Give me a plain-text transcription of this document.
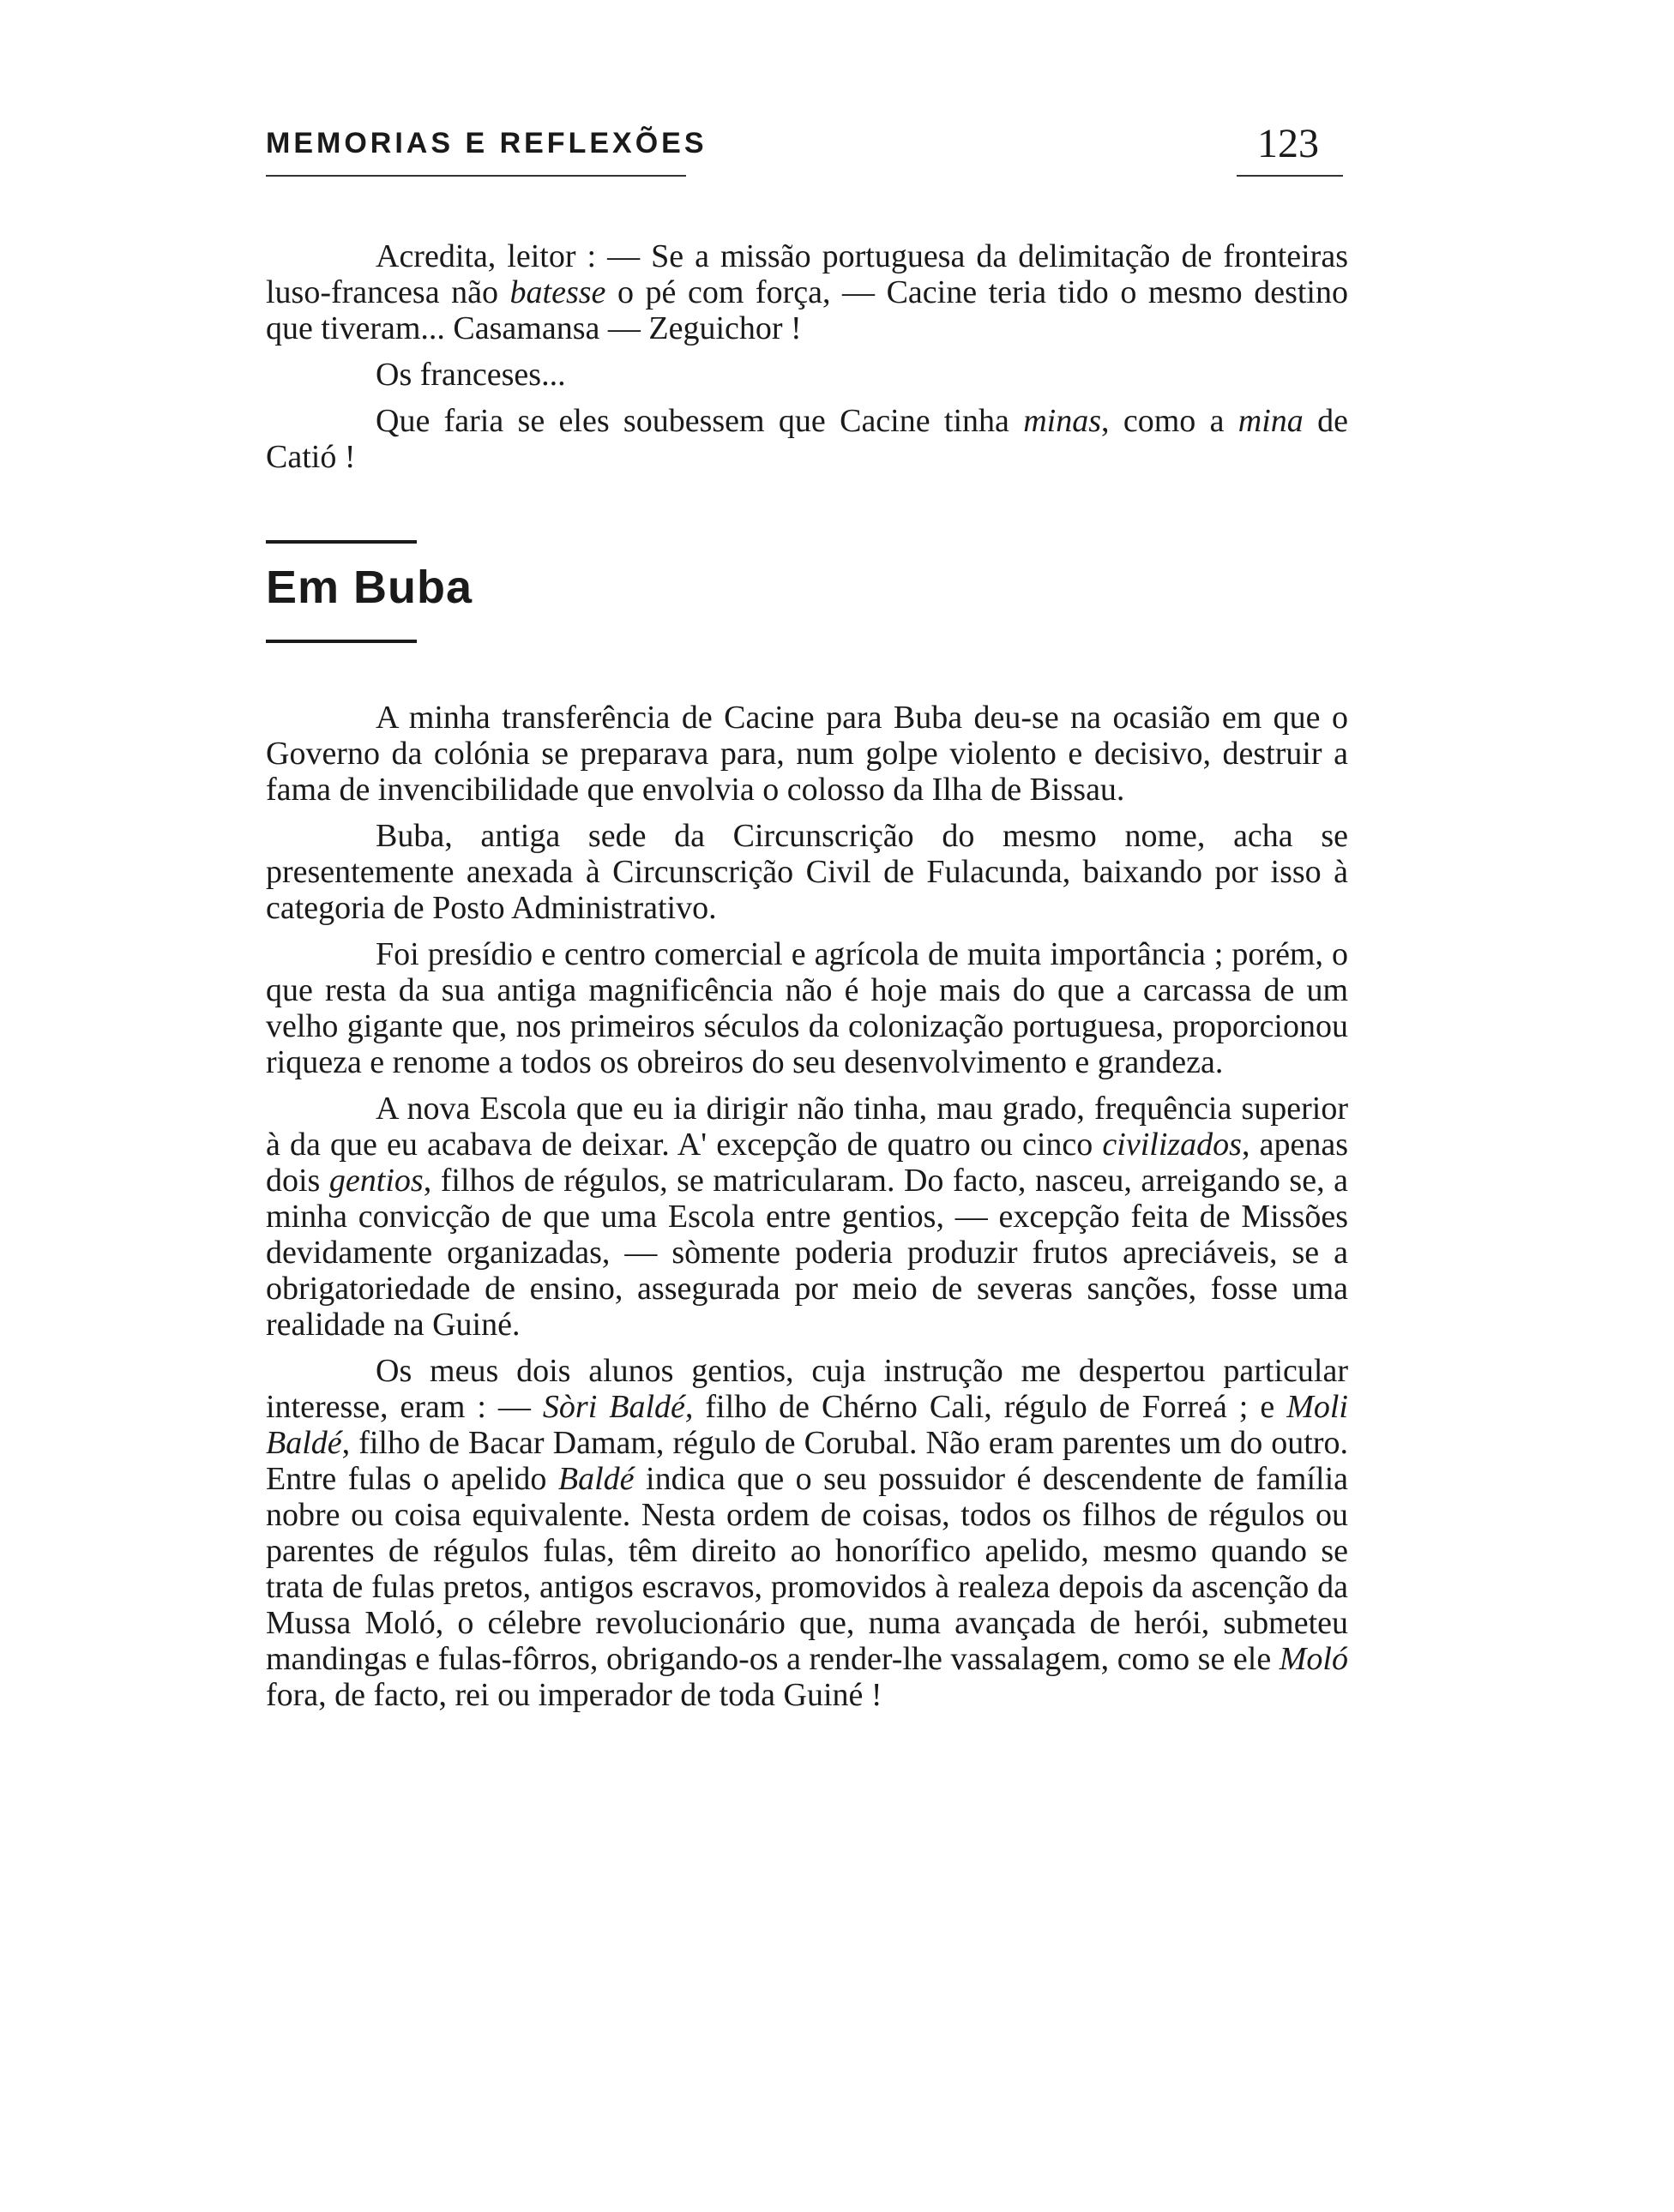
MEMORIAS E REFLEXÕES	123

Acredita, leitor : — Se a missão portuguesa da delimitação de fronteiras luso-francesa não batesse o pé com força, — Cacine teria tido o mesmo destino que tiveram... Casamansa — Zeguichor !

Os franceses...

Que faria se eles soubessem que Cacine tinha minas, como a mina de Catió !

Em Buba

A minha transferência de Cacine para Buba deu-se na ocasião em que o Governo da colónia se preparava para, num golpe violento e decisivo, destruir a fama de invencibilidade que envolvia o colosso da Ilha de Bissau.

Buba, antiga sede da Circunscrição do mesmo nome, acha se presentemente anexada à Circunscrição Civil de Fulacunda, baixando por isso à categoria de Posto Administrativo.

Foi presídio e centro comercial e agrícola de muita importância ; porém, o que resta da sua antiga magnificência não é hoje mais do que a carcassa de um velho gigante que, nos primeiros séculos da colonização portuguesa, proporcionou riqueza e renome a todos os obreiros do seu desenvolvimento e grandeza.

A nova Escola que eu ia dirigir não tinha, mau grado, frequência superior à da que eu acabava de deixar. A' excepção de quatro ou cinco civilizados, apenas dois gentios, filhos de régulos, se matricularam. Do facto, nasceu, arreigando se, a minha convicção de que uma Escola entre gentios, — excepção feita de Missões devidamente organizadas, — sòmente poderia produzir frutos apreciáveis, se a obrigatoriedade de ensino, assegurada por meio de severas sanções, fosse uma realidade na Guiné.

Os meus dois alunos gentios, cuja instrução me despertou particular interesse, eram : — Sòri Baldé, filho de Chérno Cali, régulo de Forreá ; e Moli Baldé, filho de Bacar Damam, régulo de Corubal. Não eram parentes um do outro. Entre fulas o apelido Baldé indica que o seu possuidor é descendente de família nobre ou coisa equivalente. Nesta ordem de coisas, todos os filhos de régulos ou parentes de régulos fulas, têm direito ao honorífico apelido, mesmo quando se trata de fulas pretos, antigos escravos, promovidos à realeza depois da ascenção da Mussa Moló, o célebre revolucionário que, numa avançada de herói, submeteu mandingas e fulas-fôrros, obrigando-os a render-lhe vassalagem, como se ele Moló fora, de facto, rei ou imperador de toda Guiné !
